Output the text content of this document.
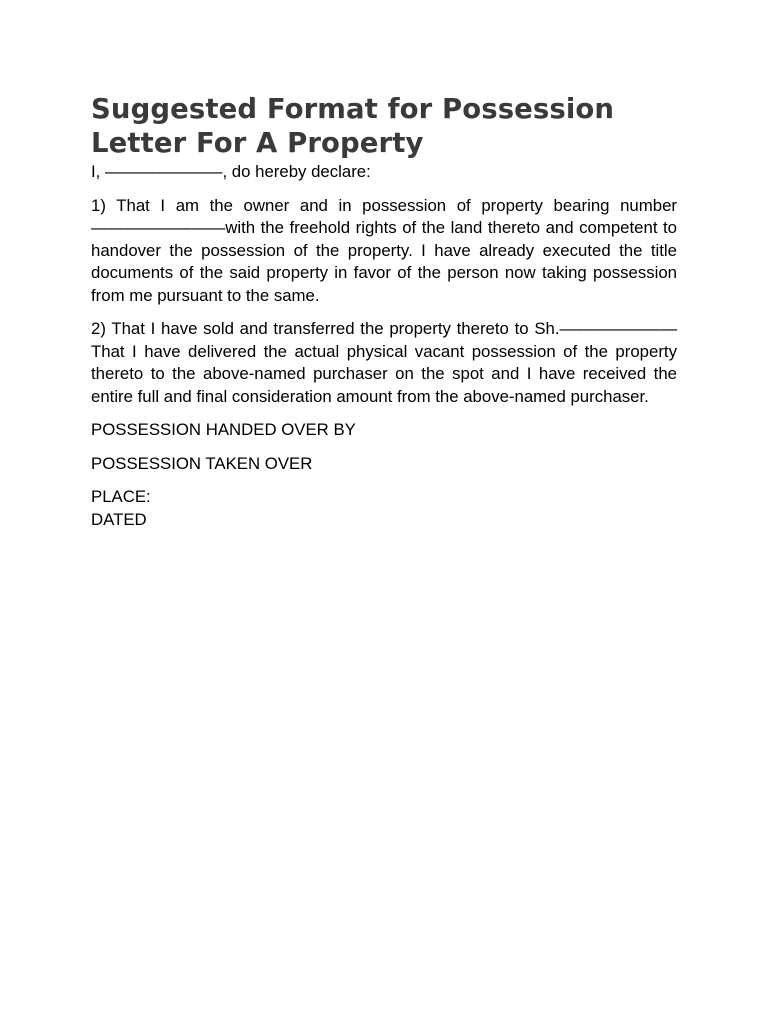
Suggested Format for Possession Letter For A Property

I, ———————, do hereby declare:

1) That I am the owner and in possession of property bearing number ————————with the freehold rights of the land thereto and competent to handover the possession of the property. I have already executed the title documents of the said property in favor of the person now taking possession from me pursuant to the same.

2) That I have sold and transferred the property thereto to Sh.———————
That I have delivered the actual physical vacant possession of the property thereto to the above-named purchaser on the spot and I have received the entire full and final consideration amount from the above-named purchaser.

POSSESSION HANDED OVER BY

POSSESSION TAKEN OVER

PLACE:
DATED
